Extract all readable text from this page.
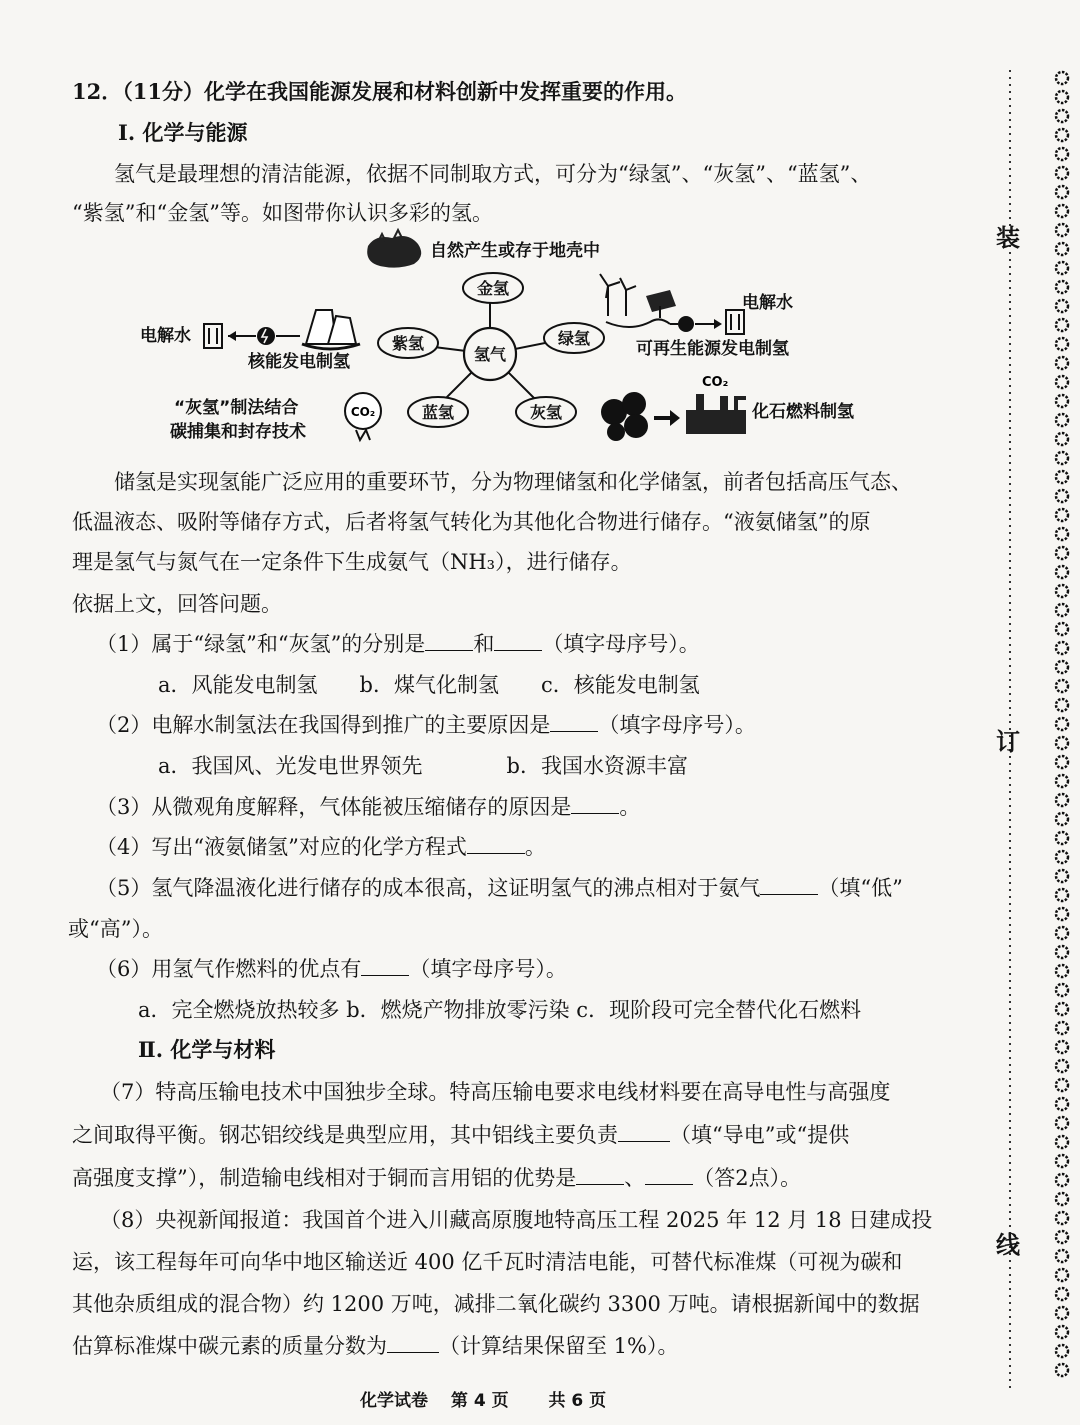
装
订
线
12．（11分）化学在我国能源发展和材料创新中发挥重要的作用。
Ⅰ. 化学与能源
氢气是最理想的清洁能源，依据不同制取方式，可分为“绿氢”、“灰氢”、“蓝氢”、
“紫氢”和“金氢”等。如图带你认识多彩的氢。
氢气
金氢
紫氢	绿氢
蓝氢	灰氢
自然产生或存于地壳中
电解水
核能发电制氢
“灰氢”制法结合
碳捕集和封存技术
CO₂
电解水
可再生能源发电制氢
CO₂
化石燃料制氢
储氢是实现氢能广泛应用的重要环节，分为物理储氢和化学储氢，前者包括高压气态、
低温液态、吸附等储存方式，后者将氢气转化为其他化合物进行储存。“液氨储氢”的原
理是氢气与氮气在一定条件下生成氨气（NH₃），进行储存。
依据上文，回答问题。
（1）属于“绿氢”和“灰氢”的分别是 和 （填字母序号）。
a．风能发电制氢　　b．煤气化制氢　　c．核能发电制氢
（2）电解水制氢法在我国得到推广的主要原因是 （填字母序号）。
a．我国风、光发电世界领先　　　　b．我国水资源丰富
（3）从微观角度解释，气体能被压缩储存的原因是 。
（4）写出“液氨储氢”对应的化学方程式	。
（5）氢气降温液化进行储存的成本很高，这证明氢气的沸点相对于氨气	（填“低”
或“高”）。
（6）用氢气作燃料的优点有 （填字母序号）。
a．完全燃烧放热较多 b．燃烧产物排放零污染 c．现阶段可完全替代化石燃料
Ⅱ. 化学与材料
（7）特高压输电技术中国独步全球。特高压输电要求电线材料要在高导电性与高强度
之间取得平衡。钢芯铝绞线是典型应用，其中铝线主要负责 （填“导电”或“提供
高强度支撑”），制造输电线相对于铜而言用铝的优势是 、 （答2点）。
（8）央视新闻报道：我国首个进入川藏高原腹地特高压工程 2025 年 12 月 18 日建成投
运，该工程每年可向华中地区输送近 400 亿千瓦时清洁电能，可替代标准煤（可视为碳和
其他杂质组成的混合物）约 1200 万吨，减排二氧化碳约 3300 万吨。请根据新闻中的数据
估算标准煤中碳元素的质量分数为 （计算结果保留至 1%）。
化学试卷　 第 4 页　　 共 6 页
